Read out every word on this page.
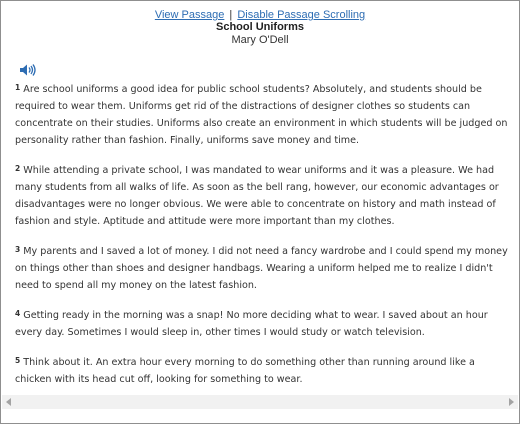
View Passage | Disable Passage Scrolling
School Uniforms
Mary O'Dell

$^1$ Are school uniforms a good idea for public school students? Absolutely, and students should be required to wear them. Uniforms get rid of the distractions of designer clothes so students can concentrate on their studies. Uniforms also create an environment in which students will be judged on personality rather than fashion. Finally, uniforms save money and time.

$^2$ While attending a private school, I was mandated to wear uniforms and it was a pleasure. We had many students from all walks of life. As soon as the bell rang, however, our economic advantages or disadvantages were no longer obvious. We were able to concentrate on history and math instead of fashion and style. Aptitude and attitude were more important than my clothes.

$^3$ My parents and I saved a lot of money. I did not need a fancy wardrobe and I could spend my money on things other than shoes and designer handbags. Wearing a uniform helped me to realize I didn't need to spend all my money on the latest fashion.

$^4$ Getting ready in the morning was a snap! No more deciding what to wear. I saved about an hour every day. Sometimes I would sleep in, other times I would study or watch television.

$^5$ Think about it. An extra hour every morning to do something other than running around like a chicken with its head cut off, looking for something to wear.
